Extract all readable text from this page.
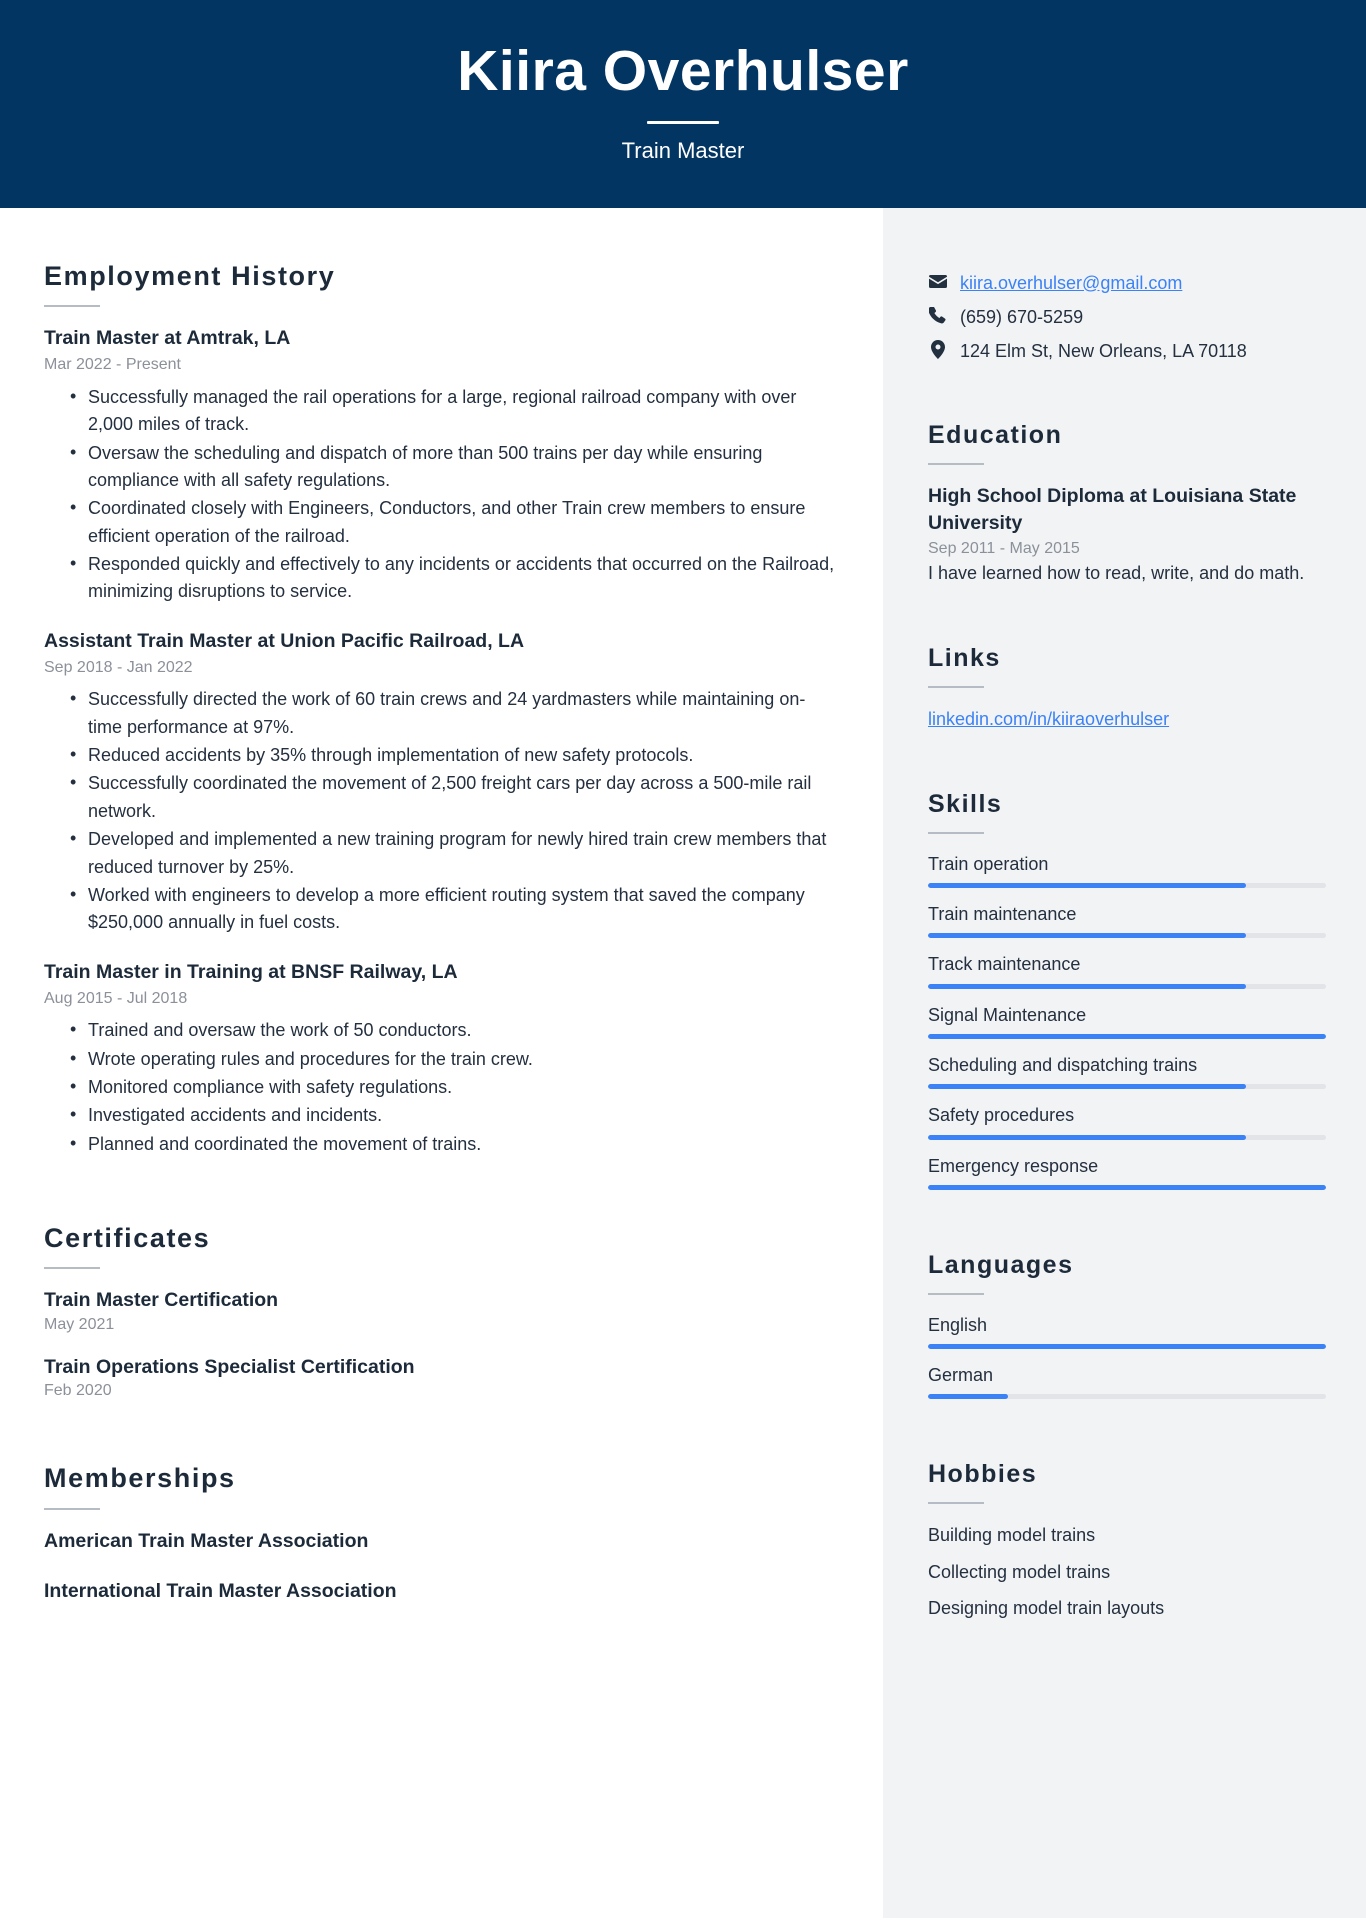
Kiira Overhulser
Train Master
Employment History
Train Master at Amtrak, LA
Mar 2022 - Present
• Successfully managed the rail operations for a large, regional railroad company with over 2,000 miles of track.
• Oversaw the scheduling and dispatch of more than 500 trains per day while ensuring compliance with all safety regulations.
• Coordinated closely with Engineers, Conductors, and other Train crew members to ensure efficient operation of the railroad.
• Responded quickly and effectively to any incidents or accidents that occurred on the Railroad, minimizing disruptions to service.
Assistant Train Master at Union Pacific Railroad, LA
Sep 2018 - Jan 2022
• Successfully directed the work of 60 train crews and 24 yardmasters while maintaining on-time performance at 97%.
• Reduced accidents by 35% through implementation of new safety protocols.
• Successfully coordinated the movement of 2,500 freight cars per day across a 500-mile rail network.
• Developed and implemented a new training program for newly hired train crew members that reduced turnover by 25%.
• Worked with engineers to develop a more efficient routing system that saved the company $250,000 annually in fuel costs.
Train Master in Training at BNSF Railway, LA
Aug 2015 - Jul 2018
• Trained and oversaw the work of 50 conductors.
• Wrote operating rules and procedures for the train crew.
• Monitored compliance with safety regulations.
• Investigated accidents and incidents.
• Planned and coordinated the movement of trains.
Certificates
Train Master Certification
May 2021
Train Operations Specialist Certification
Feb 2020
Memberships
American Train Master Association
International Train Master Association
kiira.overhulser@gmail.com
(659) 670-5259
124 Elm St, New Orleans, LA 70118
Education
High School Diploma at Louisiana State University
Sep 2011 - May 2015
I have learned how to read, write, and do math.
Links
linkedin.com/in/kiiraoverhulser
Skills
Train operation
Train maintenance
Track maintenance
Signal Maintenance
Scheduling and dispatching trains
Safety procedures
Emergency response
Languages
English
German
Hobbies
Building model trains
Collecting model trains
Designing model train layouts
